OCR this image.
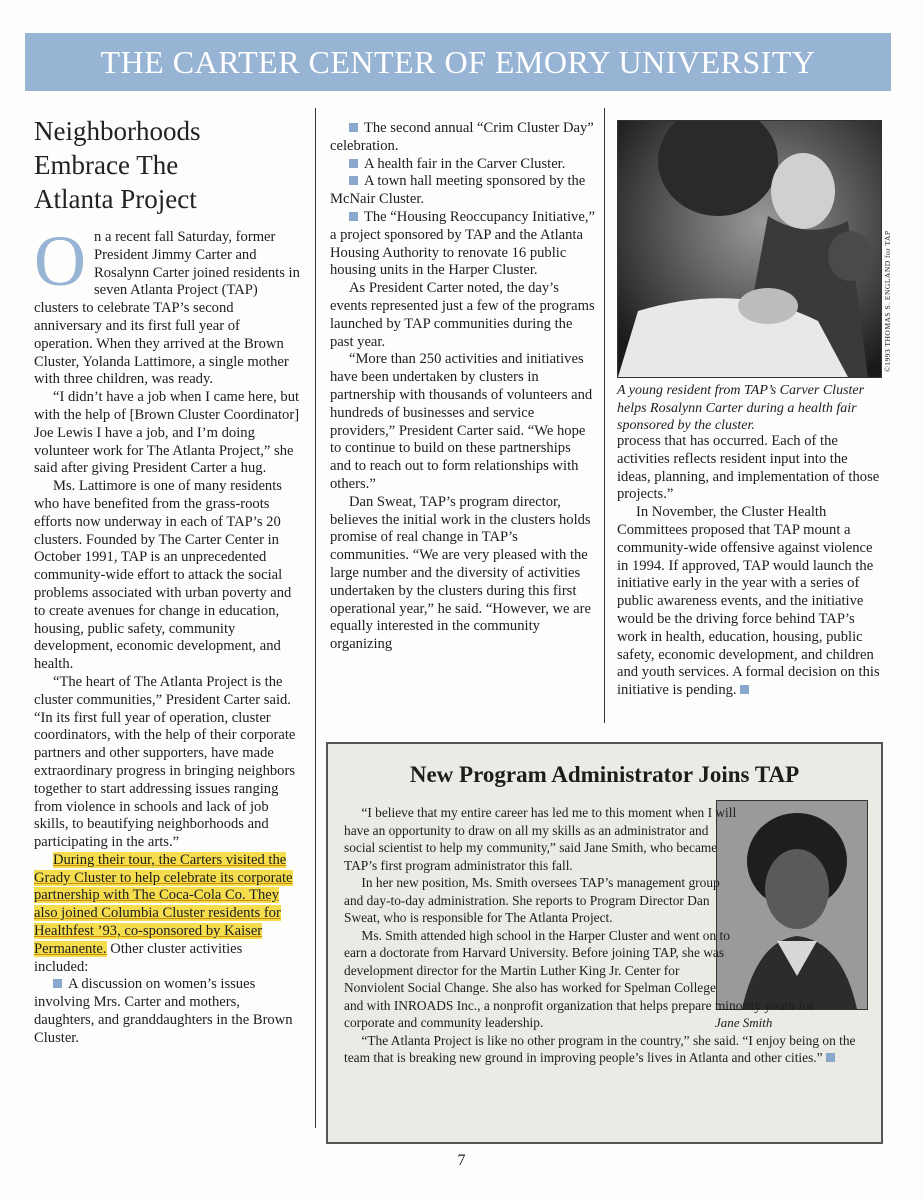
THE CARTER CENTER OF EMORY UNIVERSITY
Neighborhoods
Embrace The
Atlanta Project

On a recent fall Saturday, former President Jimmy Carter and Rosalynn Carter joined residents in seven Atlanta Project (TAP) clusters to celebrate TAP’s second anniversary and its first full year of operation. When they arrived at the Brown Cluster, Yolanda Lattimore, a single mother with three children, was ready.

“I didn’t have a job when I came here, but with the help of [Brown Cluster Coordinator] Joe Lewis I have a job, and I’m doing volunteer work for The Atlanta Project,” she said after giving President Carter a hug.

Ms. Lattimore is one of many residents who have benefited from the grass-roots efforts now underway in each of TAP’s 20 clusters. Founded by The Carter Center in October 1991, TAP is an unprecedented community-wide effort to attack the social problems associated with urban poverty and to create avenues for change in education, housing, public safety, community development, economic development, and health.

“The heart of The Atlanta Project is the cluster communities,” President Carter said. “In its first full year of operation, cluster coordinators, with the help of their corporate partners and other supporters, have made extraordinary progress in bringing neighbors together to start addressing issues ranging from violence in schools and lack of job skills, to beautifying neighborhoods and participating in the arts.”

During their tour, the Carters visited the Grady Cluster to help celebrate its corporate partnership with The Coca-Cola Co. They also joined Columbia Cluster residents for Healthfest ’93, co-sponsored by Kaiser Permanente. Other cluster activities included:

A discussion on women’s issues involving Mrs. Carter and mothers, daughters, and granddaughters in the Brown Cluster.

The second annual “Crim Cluster Day” celebration.

A health fair in the Carver Cluster.

A town hall meeting sponsored by the McNair Cluster.

The “Housing Reoccupancy Initiative,” a project sponsored by TAP and the Atlanta Housing Authority to renovate 16 public housing units in the Harper Cluster.

As President Carter noted, the day’s events represented just a few of the programs launched by TAP communities during the past year.

“More than 250 activities and initiatives have been undertaken by clusters in partnership with thousands of volunteers and hundreds of businesses and service providers,” President Carter said. “We hope to continue to build on these partnerships and to reach out to form relationships with others.”

Dan Sweat, TAP’s program director, believes the initial work in the clusters holds promise of real change in TAP’s communities. “We are very pleased with the large number and the diversity of activities undertaken by the clusters during this first operational year,” he said. “However, we are equally interested in the community organizing

©1993 THOMAS S. ENGLAND for TAP
A young resident from TAP’s Carver Cluster helps Rosalynn Carter during a health fair sponsored by the cluster.

process that has occurred. Each of the activities reflects resident input into the ideas, planning, and implementation of those projects.”

In November, the Cluster Health Committees proposed that TAP mount a community-wide offensive against violence in 1994. If approved, TAP would launch the initiative early in the year with a series of public awareness events, and the initiative would be the driving force behind TAP’s work in health, education, housing, public safety, economic development, and children and youth services. A formal decision on this initiative is pending.

New Program Administrator Joins TAP
Jane Smith

“I believe that my entire career has led me to this moment when I will have an opportunity to draw on all my skills as an administrator and social scientist to help my community,” said Jane Smith, who became TAP’s first program administrator this fall.

In her new position, Ms. Smith oversees TAP’s management group and day-to-day administration. She reports to Program Director Dan Sweat, who is responsible for The Atlanta Project.

Ms. Smith attended high school in the Harper Cluster and went on to earn a doctorate from Harvard University. Before joining TAP, she was development director for the Martin Luther King Jr. Center for Nonviolent Social Change. She also has worked for Spelman College

and with INROADS Inc., a nonprofit organization that helps prepare minority youth for corporate and community leadership.

“The Atlanta Project is like no other program in the country,” she said. “I enjoy being on the team that is breaking new ground in improving people’s lives in Atlanta and other cities.”

7
